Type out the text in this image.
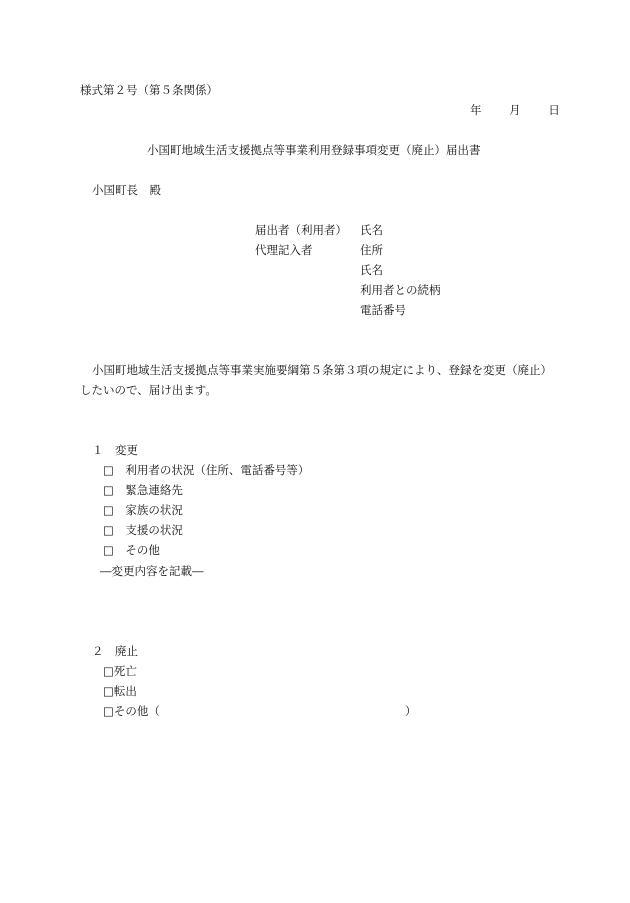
様式第２号（第５条関係）
年 月 日
小国町地域生活支援拠点等事業利用登録事項変更（廃止）届出書
小国町長　殿
届出者（利用者）
代理記入者
氏名
住所
氏名
利用者との続柄
電話番号
小国町地域生活支援拠点等事業実施要綱第５条第３項の規定により、登録を変更（廃止）
したいので、届け出ます。
１　変更
□　利用者の状況（住所、電話番号等）
□　緊急連絡先
□　家族の状況
□　支援の状況
□　その他
―変更内容を記載―
２　廃止
□死亡
□転出
□その他（	）
